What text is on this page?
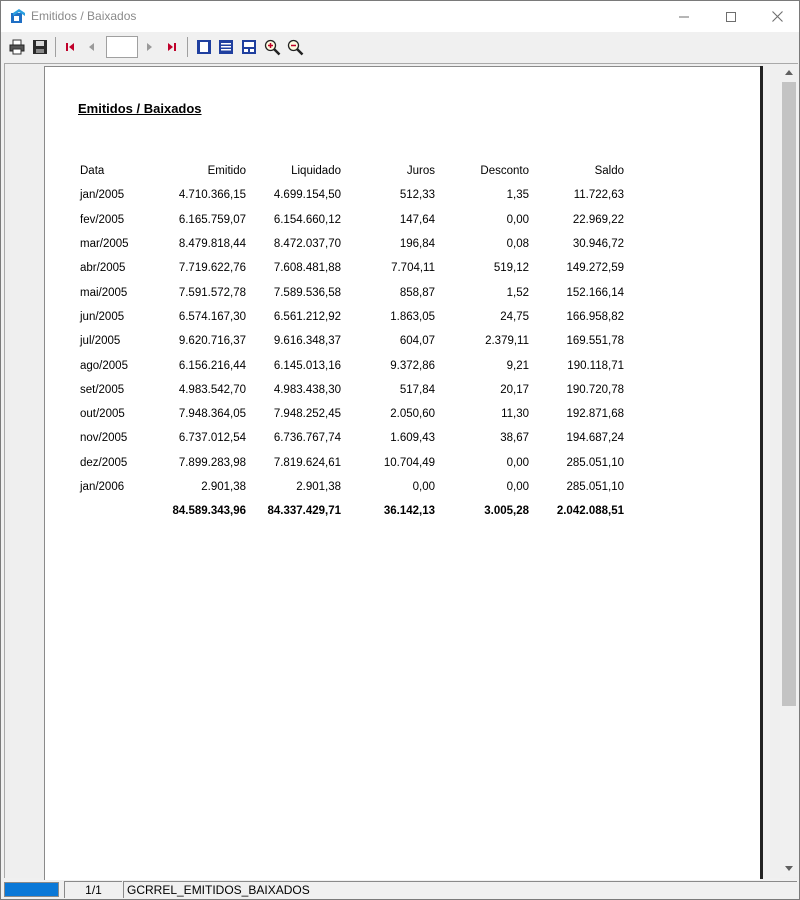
Emitidos / Baixados
Emitidos / Baixados
Data	Emitido	Liquidado	Juros	Desconto	Saldo
jan/2005	4.710.366,15	4.699.154,50	512,33	1,35	11.722,63
fev/2005	6.165.759,07	6.154.660,12	147,64	0,00	22.969,22
mar/2005	8.479.818,44	8.472.037,70	196,84	0,08	30.946,72
abr/2005	7.719.622,76	7.608.481,88	7.704,11	519,12	149.272,59
mai/2005	7.591.572,78	7.589.536,58	858,87	1,52	152.166,14
jun/2005	6.574.167,30	6.561.212,92	1.863,05	24,75	166.958,82
jul/2005	9.620.716,37	9.616.348,37	604,07	2.379,11	169.551,78
ago/2005	6.156.216,44	6.145.013,16	9.372,86	9,21	190.118,71
set/2005	4.983.542,70	4.983.438,30	517,84	20,17	190.720,78
out/2005	7.948.364,05	7.948.252,45	2.050,60	11,30	192.871,68
nov/2005	6.737.012,54	6.736.767,74	1.609,43	38,67	194.687,24
dez/2005	7.899.283,98	7.819.624,61	10.704,49	0,00	285.051,10
jan/2006	2.901,38	2.901,38	0,00	0,00	285.051,10
	84.589.343,96	84.337.429,71	36.142,13	3.005,28	2.042.088,51
1/1	GCRREL_EMITIDOS_BAIXADOS
